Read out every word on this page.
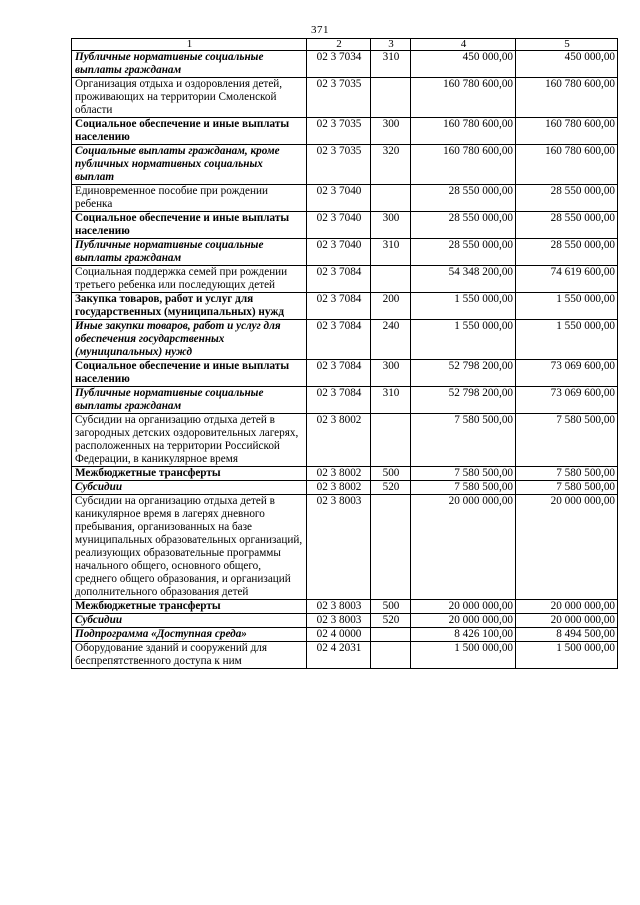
371
1	2	3	4	5
Публичные нормативные социальные выплаты гражданам	02 3 7034	310	450 000,00	450 000,00
Организация отдыха и оздоровления детей, проживающих на территории Смоленской области	02 3 7035		160 780 600,00	160 780 600,00
Социальное обеспечение и иные выплаты населению	02 3 7035	300	160 780 600,00	160 780 600,00
Социальные выплаты гражданам, кроме публичных нормативных социальных выплат	02 3 7035	320	160 780 600,00	160 780 600,00
Единовременное пособие при рождении ребенка	02 3 7040		28 550 000,00	28 550 000,00
Социальное обеспечение и иные выплаты населению	02 3 7040	300	28 550 000,00	28 550 000,00
Публичные нормативные социальные выплаты гражданам	02 3 7040	310	28 550 000,00	28 550 000,00
Социальная поддержка семей при рождении третьего ребенка или последующих детей	02 3 7084		54 348 200,00	74 619 600,00
Закупка товаров, работ и услуг для государственных (муниципальных) нужд	02 3 7084	200	1 550 000,00	1 550 000,00
Иные закупки товаров, работ и услуг для обеспечения государственных (муниципальных) нужд	02 3 7084	240	1 550 000,00	1 550 000,00
Социальное обеспечение и иные выплаты населению	02 3 7084	300	52 798 200,00	73 069 600,00
Публичные нормативные социальные выплаты гражданам	02 3 7084	310	52 798 200,00	73 069 600,00
Субсидии на организацию отдыха детей в загородных детских оздоровительных лагерях, расположенных на территории Российской Федерации, в каникулярное время	02 3 8002		7 580 500,00	7 580 500,00
Межбюджетные трансферты	02 3 8002	500	7 580 500,00	7 580 500,00
Субсидии	02 3 8002	520	7 580 500,00	7 580 500,00
Субсидии на организацию отдыха детей в каникулярное время в лагерях дневного пребывания, организованных на базе муниципальных образовательных организаций, реализующих образовательные программы начального общего, основного общего, среднего общего образования, и организаций дополнительного образования детей	02 3 8003		20 000 000,00	20 000 000,00
Межбюджетные трансферты	02 3 8003	500	20 000 000,00	20 000 000,00
Субсидии	02 3 8003	520	20 000 000,00	20 000 000,00
Подпрограмма «Доступная среда»	02 4 0000		8 426 100,00	8 494 500,00
Оборудование зданий и сооружений для беспрепятственного доступа к ним	02 4 2031		1 500 000,00	1 500 000,00
